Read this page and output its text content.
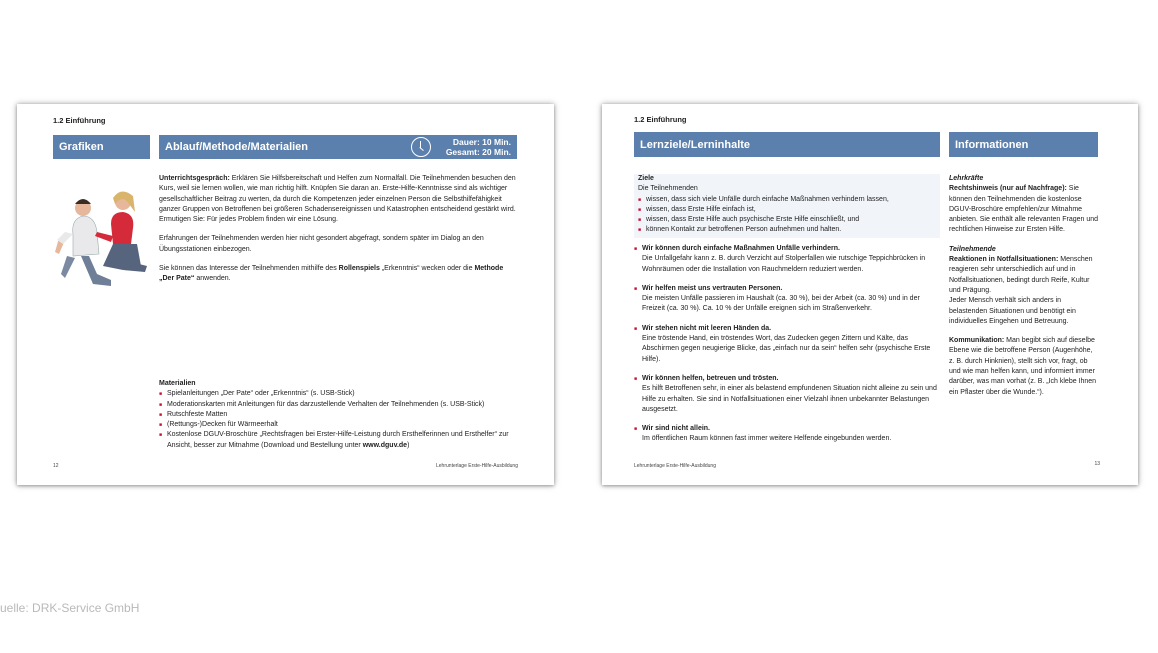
1.2 Einführung
Grafiken	Ablauf/Methode/Materialien	Dauer: 10 Min.
Gesamt: 20 Min.

Unterrichtsgespräch: Erklären Sie Hilfsbereitschaft und Helfen zum Normalfall. Die Teilnehmenden besuchen den Kurs, weil sie lernen wollen, wie man richtig hilft. Knüpfen Sie daran an. Erste-Hilfe-Kenntnisse sind als wichtiger gesellschaftlicher Beitrag zu werten, da durch die Kompetenzen jeder einzelnen Person die Selbsthilfefähigkeit ganzer Gruppen von Betroffenen bei größeren Schadensereignissen und Katastrophen entscheidend gestärkt wird.

Ermutigen Sie: Für jedes Problem finden wir eine Lösung.

Erfahrungen der Teilnehmenden werden hier nicht gesondert abgefragt, sondern später im Dialog an den Übungsstationen einbezogen.

Sie können das Interesse der Teilnehmenden mithilfe des Rollenspiels „Erkenntnis“ wecken oder die Methode „Der Pate“ anwenden.

Materialien

■ Spielanleitungen „Der Pate“ oder „Erkenntnis“ (s. USB-Stick)
■ Moderationskarten mit Anleitungen für das darzustellende Verhalten der Teilnehmenden (s. USB-Stick)
■ Rutschfeste Matten
■ (Rettungs-)Decken für Wärmeerhalt
■ Kostenlose DGUV-Broschüre „Rechtsfragen bei Erster-Hilfe-Leistung durch Ersthelferinnen und Ersthelfer“ zur Ansicht, besser zur Mitnahme (Download und Bestellung unter www.dguv.de)
12	Lehrunterlage Erste-Hilfe-Ausbildung
1.2 Einführung
Lernziele/Lerninhalte	Informationen

Ziele

Die Teilnehmenden

■ wissen, dass sich viele Unfälle durch einfache Maßnahmen verhindern lassen,
■ wissen, dass Erste Hilfe einfach ist,
■ wissen, dass Erste Hilfe auch psychische Erste Hilfe einschließt, und
■ können Kontakt zur betroffenen Person aufnehmen und halten.
■ Wir können durch einfache Maßnahmen Unfälle verhindern.
Die Unfallgefahr kann z. B. durch Verzicht auf Stolperfallen wie rutschige Teppichbrücken in Wohnräumen oder die Installation von Rauchmeldern reduziert werden.
■ Wir helfen meist uns vertrauten Personen.
Die meisten Unfälle passieren im Haushalt (ca. 30 %), bei der Arbeit (ca. 30 %) und in der Freizeit (ca. 30 %). Ca. 10 % der Unfälle ereignen sich im Straßenverkehr.
■ Wir stehen nicht mit leeren Händen da.
Eine tröstende Hand, ein tröstendes Wort, das Zudecken gegen Zittern und Kälte, das Abschirmen gegen neugierige Blicke, das „einfach nur da sein“ helfen sehr (psychische Erste Hilfe).
■ Wir können helfen, betreuen und trösten.
Es hilft Betroffenen sehr, in einer als belastend empfundenen Situation nicht alleine zu sein und Hilfe zu erhalten. Sie sind in Notfallsituationen einer Vielzahl ihnen unbekannter Belastungen ausgesetzt.
■ Wir sind nicht allein.
Im öffentlichen Raum können fast immer weitere Helfende eingebunden werden.

Lehrkräfte

Rechtshinweis (nur auf Nachfrage): Sie können den Teilnehmenden die kostenlose DGUV-Broschüre empfehlen/zur Mitnahme anbieten. Sie enthält alle relevanten Fragen und rechtlichen Hinweise zur Ersten Hilfe.

Teilnehmende

Reaktionen in Notfallsituationen: Menschen reagieren sehr unterschiedlich auf und in Notfallsituationen, bedingt durch Reife, Kultur und Prägung.

Jeder Mensch verhält sich anders in belastenden Situationen und benötigt ein individuelles Eingehen und Betreuung.

Kommunikation: Man begibt sich auf dieselbe Ebene wie die betroffene Person (Augenhöhe, z. B. durch Hinknien), stellt sich vor, fragt, ob und wie man helfen kann, und informiert immer darüber, was man vorhat (z. B. „Ich klebe Ihnen ein Pflaster über die Wunde.“).

Lehrunterlage Erste-Hilfe-Ausbildung	13
uelle: DRK-Service GmbH
